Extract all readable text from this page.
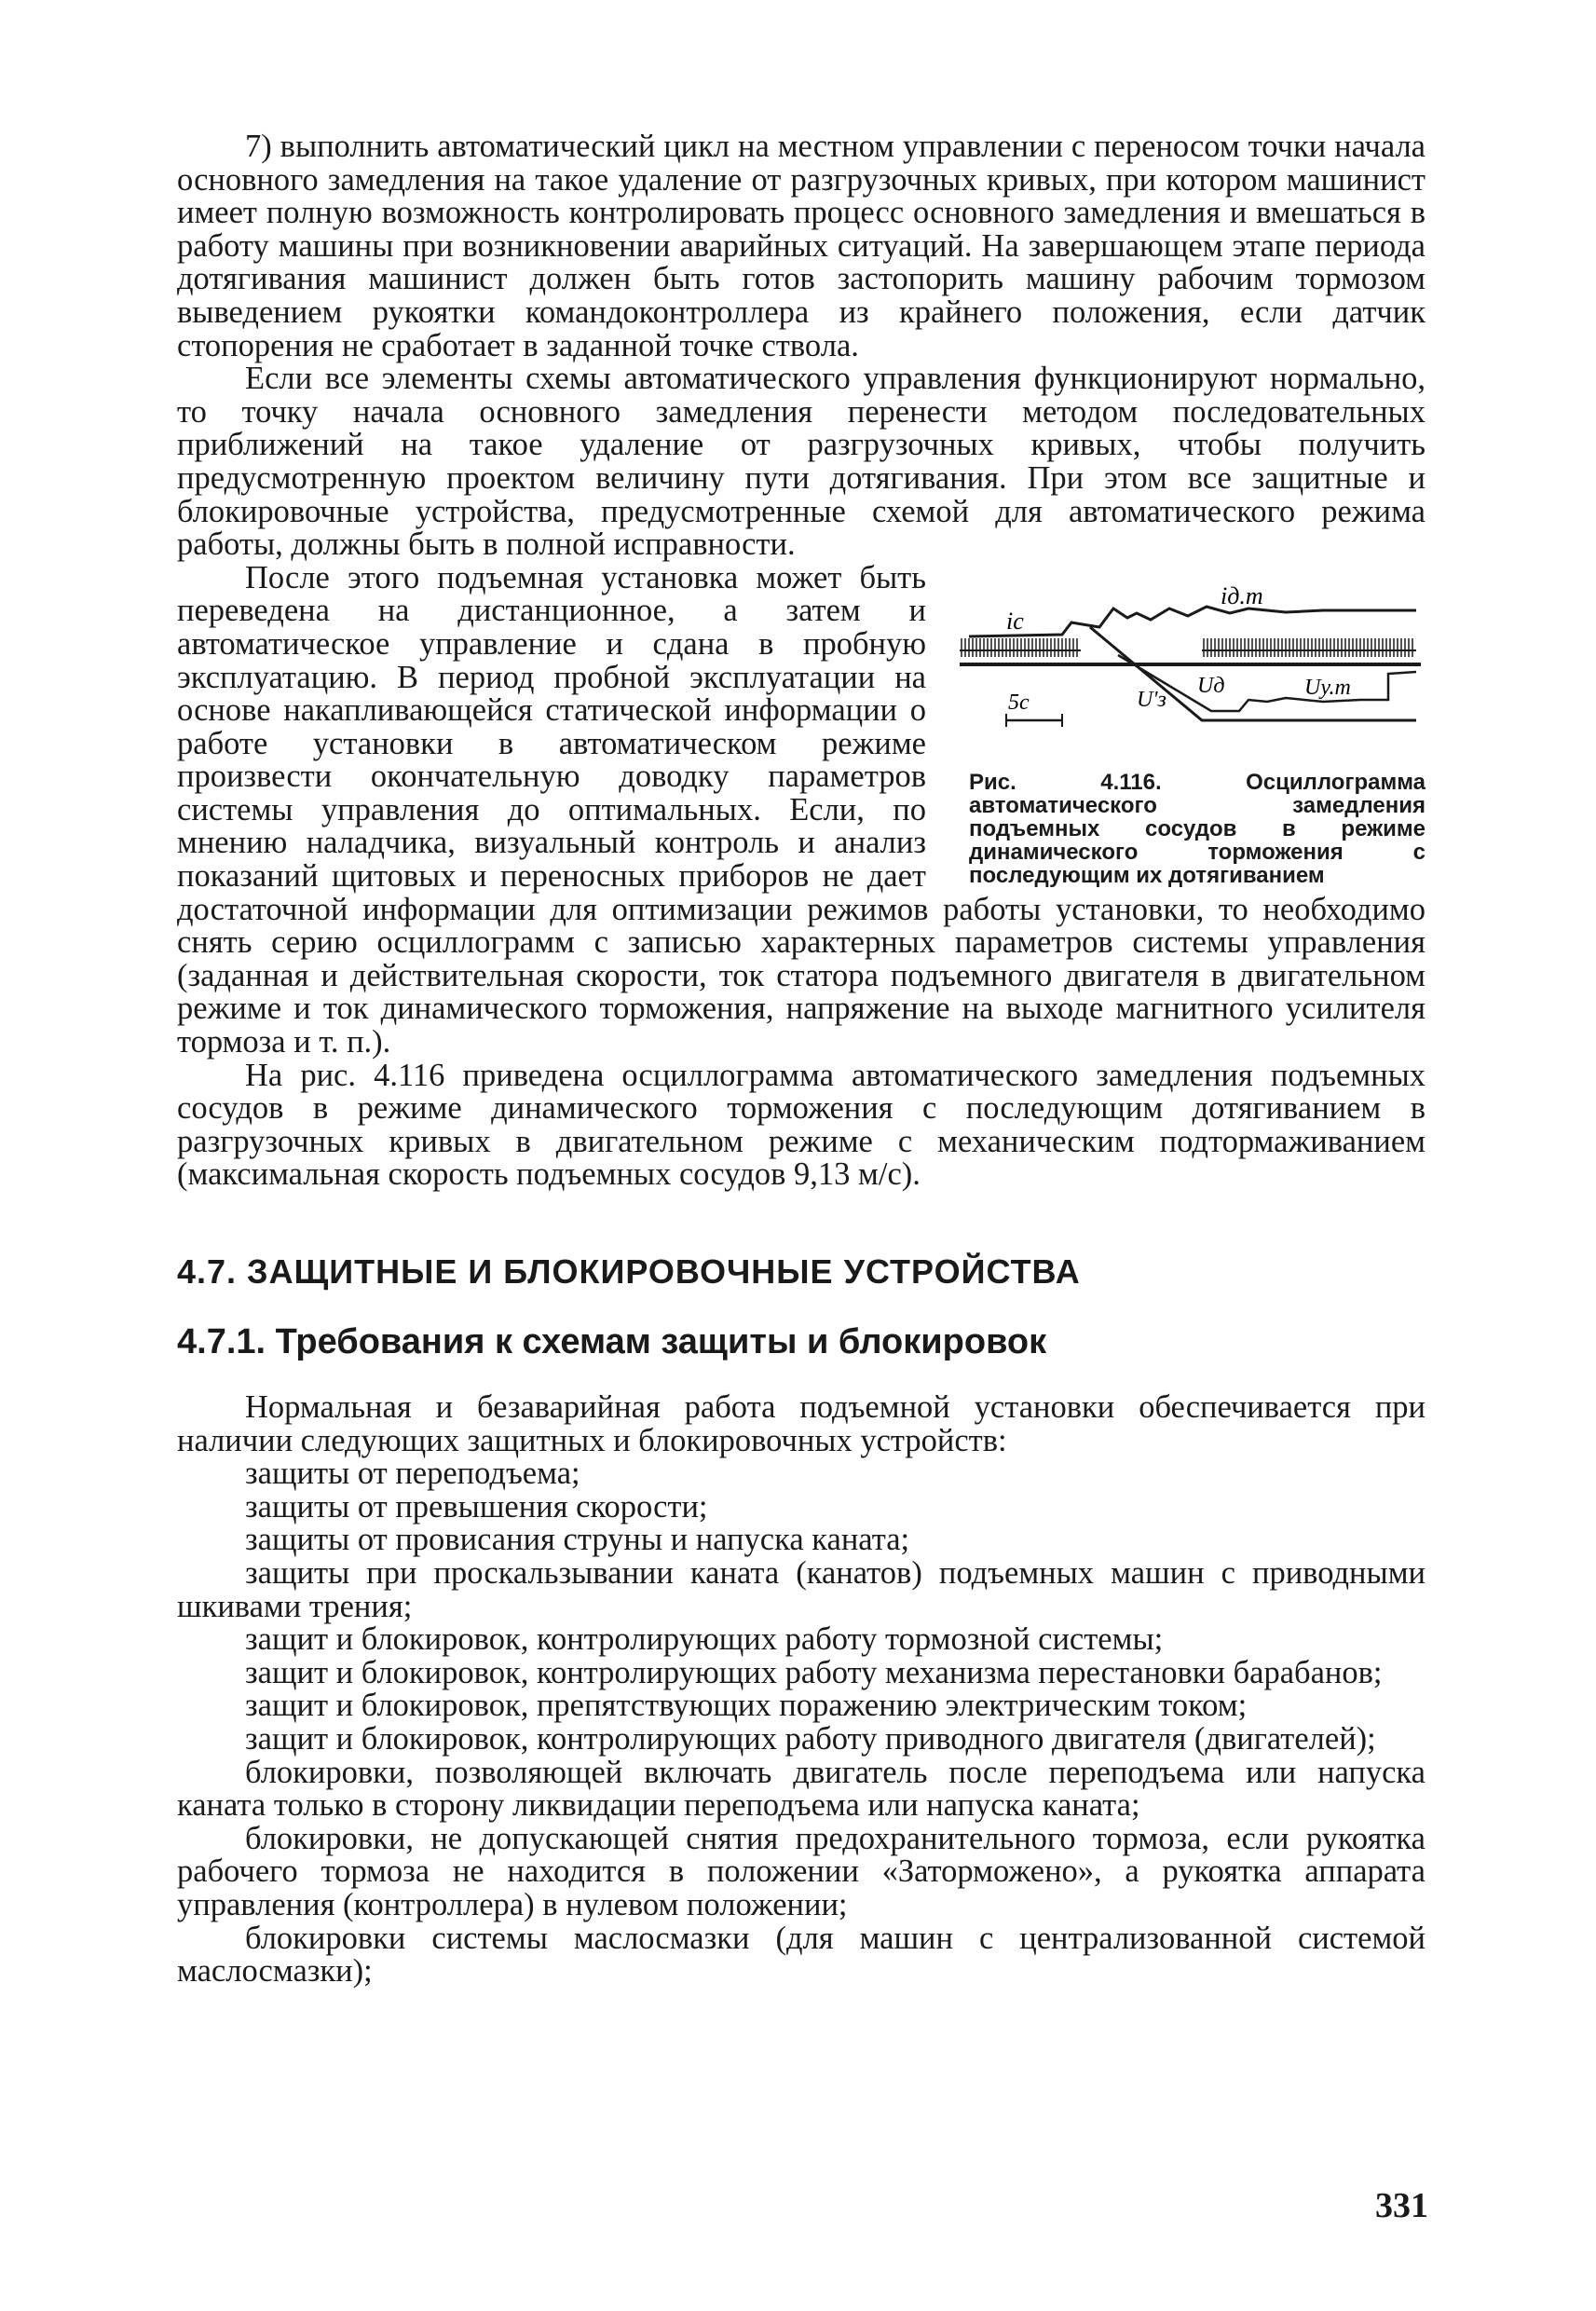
7) выполнить автоматический цикл на местном управлении с переносом точки начала основного замедления на такое удаление от разгрузочных кривых, при котором машинист имеет полную возможность контролировать процесс основного замедления и вмешаться в работу машины при возникновении аварийных ситуаций. На завершающем этапе периода дотягивания машинист должен быть готов застопорить машину рабочим тормозом выведением рукоятки командоконтроллера из крайнего положения, если датчик стопорения не сработает в заданной точке ствола.

Если все элементы схемы автоматического управления функционируют нормально, то точку начала основного замедления перенести методом последовательных приближений на такое удаление от разгрузочных кривых, чтобы получить предусмотренную проектом величину пути дотягивания. При этом все защитные и блокировочные устройства, предусмотренные схемой для автоматического режима работы, должны быть в полной исправности.

5с
iс
iд.т
U'з
Uд	Uу.т
Рис. 4.116. Осциллограмма автоматического замедления подъемных сосудов в режиме динамического торможения с последующим их дотягиванием

После этого подъемная установка может быть переведена на дистанционное, а затем и автоматическое управление и сдана в пробную эксплуатацию. В период пробной эксплуатации на основе накапливающейся статической информации о работе установки в автоматическом режиме произвести окончательную доводку параметров системы управления до оптимальных. Если, по мнению наладчика, визуальный контроль и анализ показаний щитовых и переносных приборов не дает достаточной информации для оптимизации режимов работы установки, то необходимо снять серию осциллограмм с записью характерных параметров системы управления (заданная и действительная скорости, ток статора подъемного двигателя в двигательном режиме и ток динамического торможения, напряжение на выходе магнитного усилителя тормоза и т. п.).

На рис. 4.116 приведена осциллограмма автоматического замедления подъемных сосудов в режиме динамического торможения с последующим дотягиванием в разгрузочных кривых в двигательном режиме с механическим подтормаживанием (максимальная скорость подъемных сосудов 9,13 м/с).

4.7. ЗАЩИТНЫЕ И БЛОКИРОВОЧНЫЕ УСТРОЙСТВА
4.7.1. Требования к схемам защиты и блокировок

Нормальная и безаварийная работа подъемной установки обеспечивается при наличии следующих защитных и блокировочных устройств:

защиты от переподъема;

защиты от превышения скорости;

защиты от провисания струны и напуска каната;

защиты при проскальзывании каната (канатов) подъемных машин с приводными шкивами трения;

защит и блокировок, контролирующих работу тормозной системы;

защит и блокировок, контролирующих работу механизма перестановки барабанов;

защит и блокировок, препятствующих поражению электрическим током;

защит и блокировок, контролирующих работу приводного двигателя (двигателей);

блокировки, позволяющей включать двигатель после переподъема или напуска каната только в сторону ликвидации переподъема или напуска каната;

блокировки, не допускающей снятия предохранительного тормоза, если рукоятка рабочего тормоза не находится в положении «Заторможено», а рукоятка аппарата управления (контроллера) в нулевом положении;

блокировки системы маслосмазки (для машин с централизованной системой маслосмазки);

331
